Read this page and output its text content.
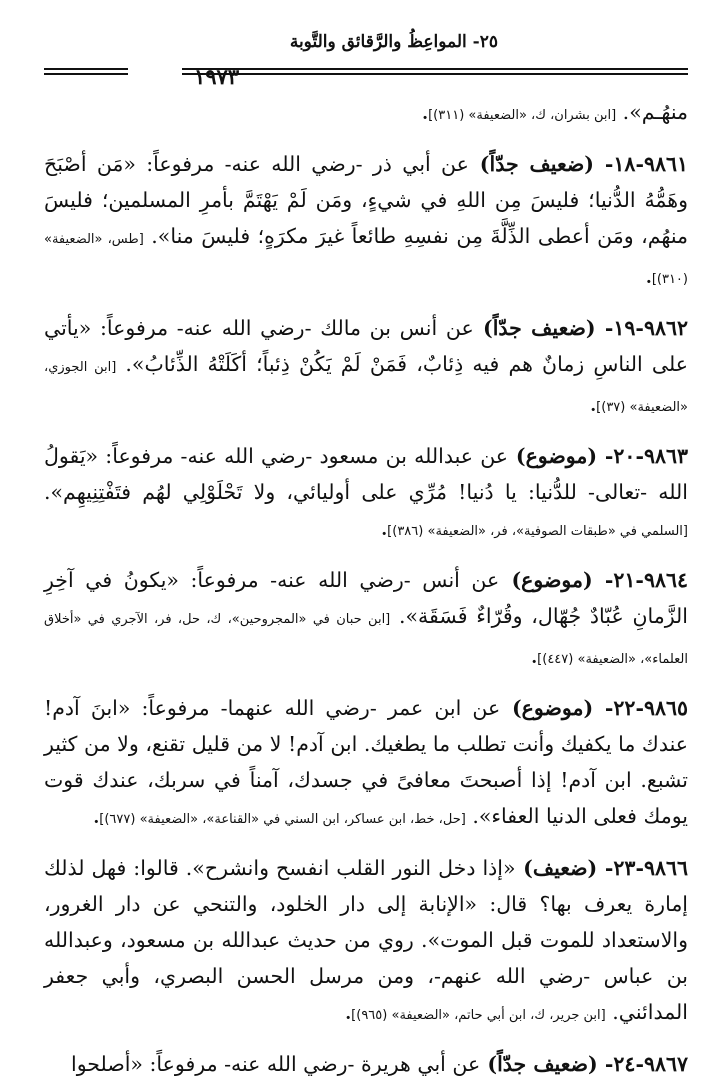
٢٥- المواعِظُ والرَّقائق والتَّوبة
١٩٧٣

منهُـم». [ابن بشران، ك، «الضعيفة» (٣١١)].

٩٨٦١-١٨- (ضعيف جدّاً) عن أبي ذر -رضي الله عنه- مرفوعاً: «مَن أصْبَحَ وهَمُّهُ الدُّنيا؛ فليسَ مِن اللهِ في شيءٍ، ومَن لَمْ يَهْتَمَّ بأمرِ المسلمين؛ فليسَ منهُم، ومَن أعطى الذِّلَّةَ مِن نفسِهِ طائعاً غيرَ مكرَهٍ؛ فليسَ منا». [طس، «الضعيفة» (٣١٠)].

٩٨٦٢-١٩- (ضعيف جدّاً) عن أنس بن مالك -رضي الله عنه- مرفوعاً: «يأتي على الناسِ زمانٌ هم فيه ذِئابٌ، فَمَنْ لَمْ يَكُنْ ذِئباً؛ أكَلَتْهُ الذِّئابُ». [ابن الجوزي، «الضعيفة» (٣٧)].

٩٨٦٣-٢٠- (موضوع) عن عبدالله بن مسعود -رضي الله عنه- مرفوعاً: «يَقولُ الله -تعالى- للدُّنيا: يا دُنيا! مُرِّي على أوليائي، ولا تَحْلَوْلِي لهُم فتَفْتِنِيهِم». [السلمي في «طبقات الصوفية»، فر، «الضعيفة» (٣٨٦)].

٩٨٦٤-٢١- (موضوع) عن أنس -رضي الله عنه- مرفوعاً: «يكونُ في آخِرِ الزَّمانِ عُبّادٌ جُهّال، وقُرّاءٌ فَسَقَة». [ابن حبان في «المجروحين»، ك، حل، فر، الآجري في «أخلاق العلماء»، «الضعيفة» (٤٤٧)].

٩٨٦٥-٢٢- (موضوع) عن ابن عمر -رضي الله عنهما- مرفوعاً: «ابنَ آدم! عندك ما يكفيك وأنت تطلب ما يطغيك. ابن آدم! لا من قليل تقنع، ولا من كثير تشبع. ابن آدم! إذا أصبحتَ معافىً في جسدك، آمناً في سربك، عندك قوت يومك فعلى الدنيا العفاء». [حل، خط، ابن عساكر، ابن السني في «القناعة»، «الضعيفة» (٦٧٧)].

٩٨٦٦-٢٣- (ضعيف) «إذا دخل النور القلب انفسح وانشرح». قالوا: فهل لذلك إمارة يعرف بها؟ قال: «الإنابة إلى دار الخلود، والتنحي عن دار الغرور، والاستعداد للموت قبل الموت». روي من حديث عبدالله بن مسعود، وعبدالله بن عباس -رضي الله عنهم-، ومن مرسل الحسن البصري، وأبي جعفر المدائني. [ابن جرير، ك، ابن أبي حاتم، «الضعيفة» (٩٦٥)].

٩٨٦٧-٢٤- (ضعيف جدّاً) عن أبي هريرة -رضي الله عنه- مرفوعاً: «أصلحوا
